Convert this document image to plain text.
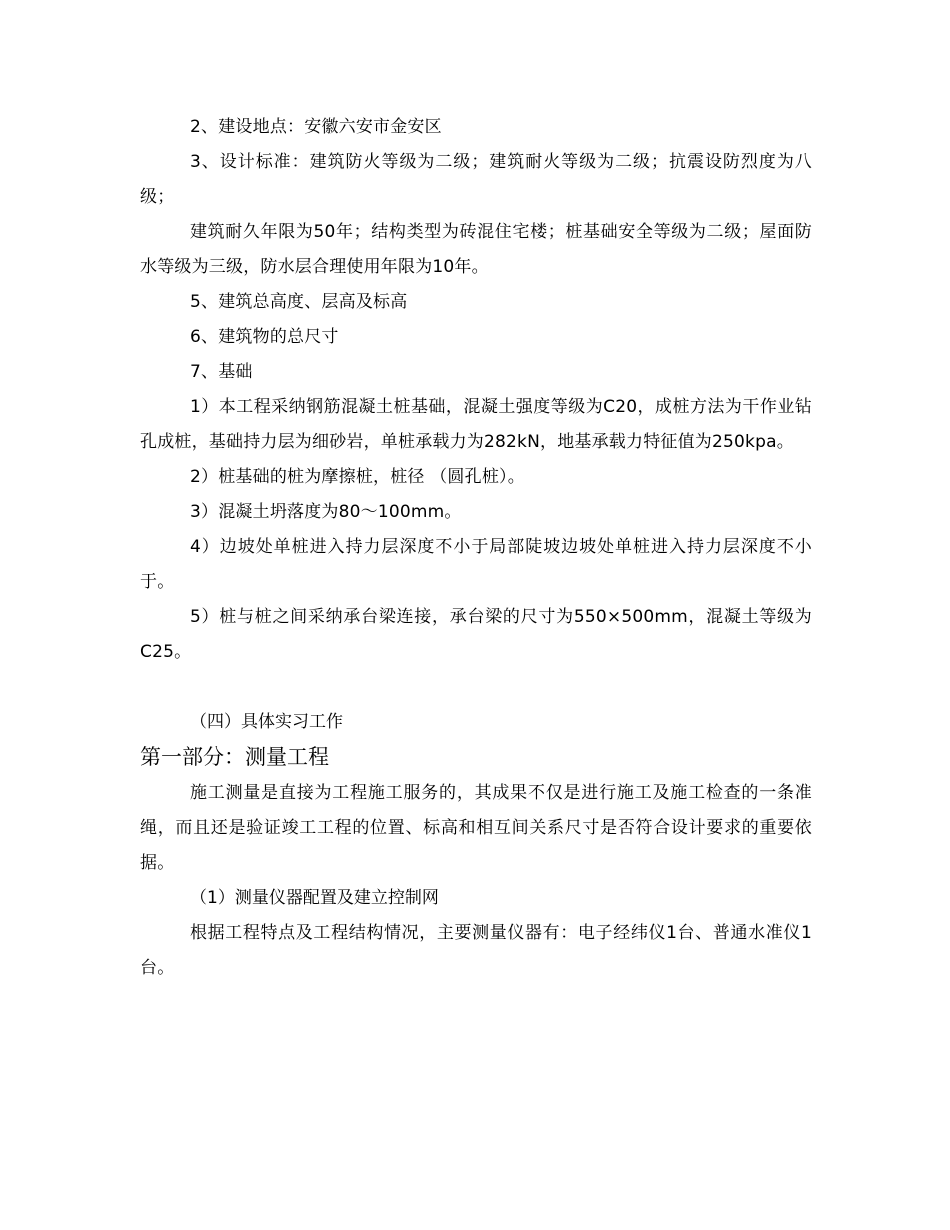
2、建设地点：安徽六安市金安区

3、设计标准：建筑防火等级为二级；建筑耐火等级为二级；抗震设防烈度为八级；

建筑耐久年限为50年；结构类型为砖混住宅楼；桩基础安全等级为二级；屋面防水等级为三级，防水层合理使用年限为10年。

5、建筑总高度、层高及标高

6、建筑物的总尺寸

7、基础

1）本工程采纳钢筋混凝土桩基础，混凝土强度等级为C20，成桩方法为干作业钻孔成桩，基础持力层为细砂岩，单桩承载力为282kN，地基承载力特征值为250kpa。

2）桩基础的桩为摩擦桩，桩径 （圆孔桩）。

3）混凝土坍落度为80～100mm。

4）边坡处单桩进入持力层深度不小于局部陡坡边坡处单桩进入持力层深度不小于。

5）桩与桩之间采纳承台梁连接，承台梁的尺寸为550×500mm，混凝土等级为C25。

（四）具体实习工作

第一部分：测量工程

施工测量是直接为工程施工服务的，其成果不仅是进行施工及施工检查的一条准绳，而且还是验证竣工工程的位置、标高和相互间关系尺寸是否符合设计要求的重要依据。

（1）测量仪器配置及建立控制网

根据工程特点及工程结构情况，主要测量仪器有：电子经纬仪1台、普通水准仪1台。
